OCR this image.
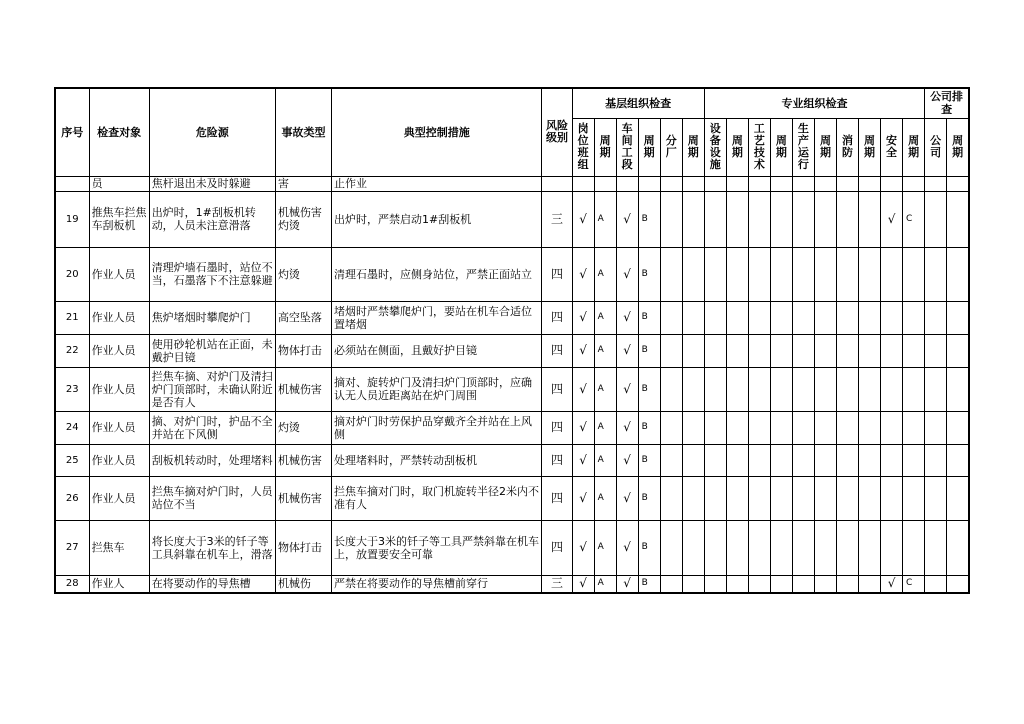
序号	检查对象	危险源	事故类型	典型控制措施	风险级别	基层组织检查						专业组织检查										公司排查	
						岗位班组	周期	车间工段	周期	分厂	周期	设备设施	周期	工艺技术	周期	生产运行	周期	消防	周期	安全	周期	公司	周期
	员	焦杆退出未及时躲避	害	止作业																			
19	推焦车拦焦车刮板机	出炉时，1#刮板机转动，人员未注意滑落	机械伤害灼烫	出炉时，严禁启动1#刮板机	三	√	A	√	B											√	C		
20	作业人员	清理炉墙石墨时，站位不当，石墨落下不注意躲避	灼烫	清理石墨时，应侧身站位，严禁正面站立	四	√	A	√	B														
21	作业人员	焦炉堵烟时攀爬炉门	高空坠落	堵烟时严禁攀爬炉门，要站在机车合适位置堵烟	四	√	A	√	B														
22	作业人员	使用砂轮机站在正面，未戴护目镜	物体打击	必须站在侧面，且戴好护目镜	四	√	A	√	B														
23	作业人员	拦焦车摘、对炉门及清扫炉门顶部时，未确认附近是否有人	机械伤害	摘对、旋转炉门及清扫炉门顶部时，应确认无人员近距离站在炉门周围	四	√	A	√	B														
24	作业人员	摘、对炉门时，护品不全并站在下风侧	灼烫	摘对炉门时劳保护品穿戴齐全并站在上风侧	四	√	A	√	B														
25	作业人员	刮板机转动时，处理堵料	机械伤害	处理堵料时，严禁转动刮板机	四	√	A	√	B														
26	作业人员	拦焦车摘对炉门时，人员站位不当	机械伤害	拦焦车摘对门时，取门机旋转半径2米内不准有人	四	√	A	√	B														
27	拦焦车	将长度大于3米的钎子等工具斜靠在机车上，滑落	物体打击	长度大于3米的钎子等工具严禁斜靠在机车上，放置要安全可靠	四	√	A	√	B														
28	作业人	在将要动作的导焦槽	机械伤	严禁在将要动作的导焦槽前穿行	三	√	A	√	B											√	C		
